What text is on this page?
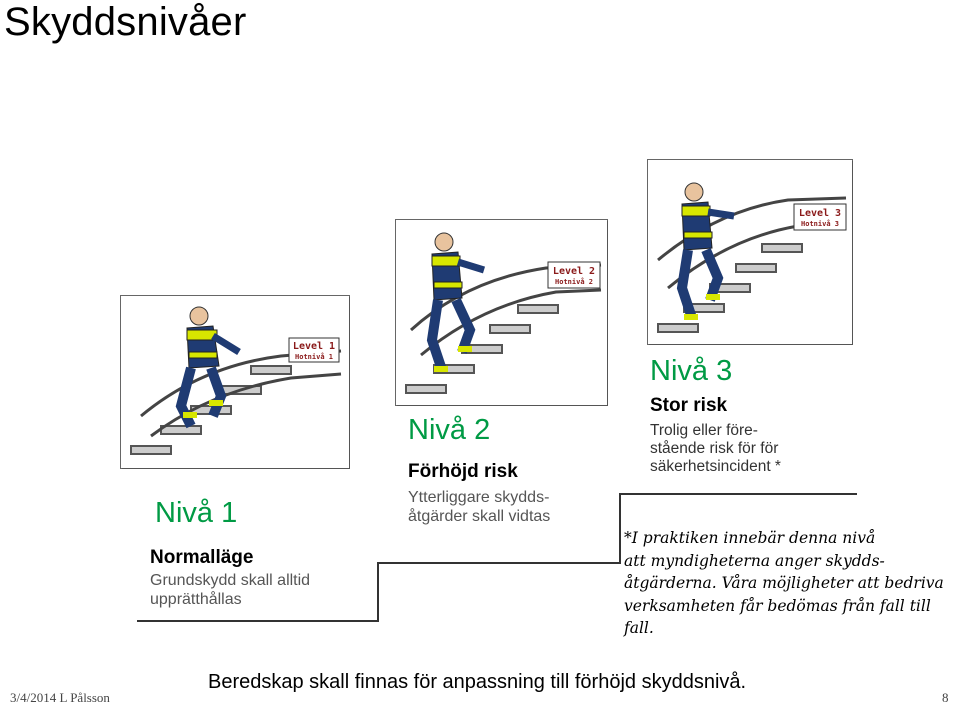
Skyddsnivåer
Level 1
Hotnivå 1
Level 2
Hotnivå 2
Level 3
Hotnivå 3
Nivå 1
Normalläge
Grundskydd skall alltid
upprätthållas
Nivå 2
Förhöjd risk
Ytterliggare skydds-
åtgärder skall vidtas
Nivå 3
Stor risk
Trolig eller före-
stående risk för för
säkerhetsincident *
*I praktiken innebär denna nivå
att myndigheterna anger skydds-
åtgärderna. Våra möjligheter att bedriva
verksamheten får bedömas från fall till
fall.
Beredskap skall finnas för anpassning till förhöjd skyddsnivå.
3/4/2014 L Pålsson	8
